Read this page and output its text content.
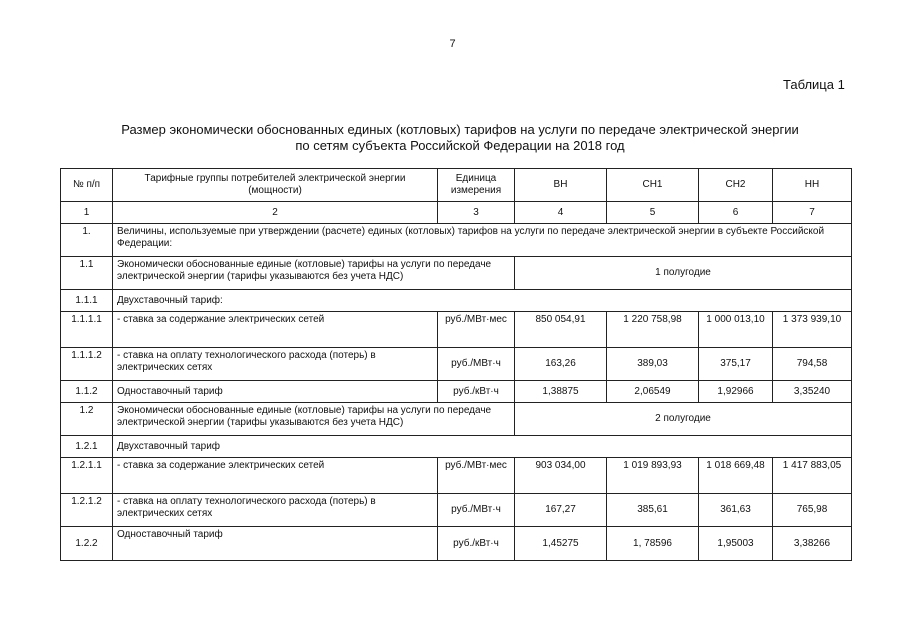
7
Таблица 1
Размер экономически обоснованных единых (котловых) тарифов на услуги по передаче электрической энергии
по сетям субъекта Российской Федерации на 2018 год
№ п/п	Тарифные группы потребителей электрической энергии (мощности)	Единица измерения	ВН	СН1	СН2	НН
1	2	3	4	5	6	7
1.	Величины, используемые при утверждении (расчете) единых (котловых) тарифов на услуги по передаче электрической энергии в субъекте Российской Федерации:					
1.1	Экономически обоснованные единые (котловые) тарифы на услуги по передаче электрической энергии (тарифы указываются без учета НДС)		1 полугодие			
1.1.1	Двухставочный тариф:					
1.1.1.1	- ставка за содержание электрических сетей	руб./МВт·мес	850 054,91	1 220 758,98	1 000 013,10	1 373 939,10
1.1.1.2	- ставка на оплату технологического расхода (потерь) в электрических сетях	руб./МВт·ч	163,26	389,03	375,17	794,58
1.1.2	Одноставочный тариф	руб./кВт·ч	1,38875	2,06549	1,92966	3,35240
1.2	Экономически обоснованные единые (котловые) тарифы на услуги по передаче электрической энергии (тарифы указываются без учета НДС)		2 полугодие			
1.2.1	Двухставочный тариф					
1.2.1.1	- ставка за содержание электрических сетей	руб./МВт·мес	903 034,00	1 019 893,93	1 018 669,48	1 417 883,05
1.2.1.2	- ставка на оплату технологического расхода (потерь) в электрических сетях	руб./МВт·ч	167,27	385,61	361,63	765,98
1.2.2	Одноставочный тариф	руб./кВт·ч	1,45275	1, 78596	1,95003	3,38266
